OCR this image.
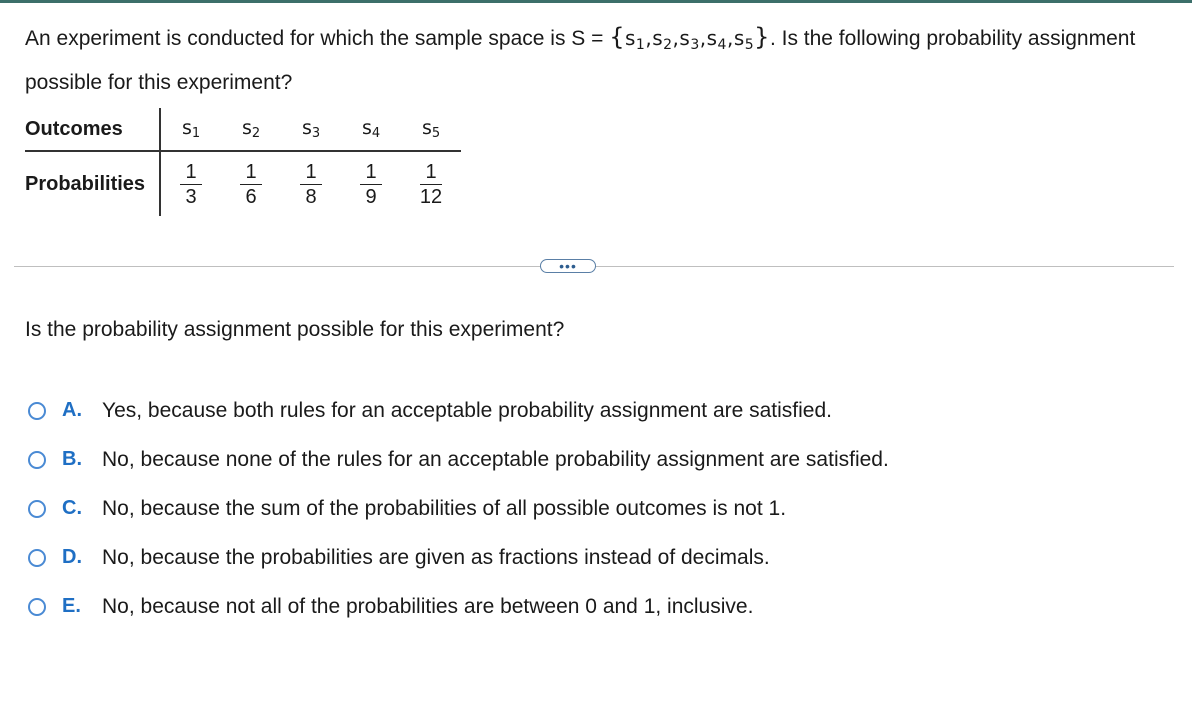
An experiment is conducted for which the sample space is $S = \{s_1,s_2,s_3,s_4,s_5\}$. Is the following probability assignment possible for this experiment?

Outcomes	$s_1$	$s_2$	$s_3$	$s_4$	$s_5$
Probabilities	$\frac{1}{3}$	$\frac{1}{6}$	$\frac{1}{8}$	$\frac{1}{9}$	$\frac{1}{12}$
•••

Is the probability assignment possible for this experiment?

A. Yes, because both rules for an acceptable probability assignment are satisfied.
B. No, because none of the rules for an acceptable probability assignment are satisfied.
C. No, because the sum of the probabilities of all possible outcomes is not 1.
D. No, because the probabilities are given as fractions instead of decimals.
E.	No, because not all of the probabilities are between 0 and 1, inclusive.
